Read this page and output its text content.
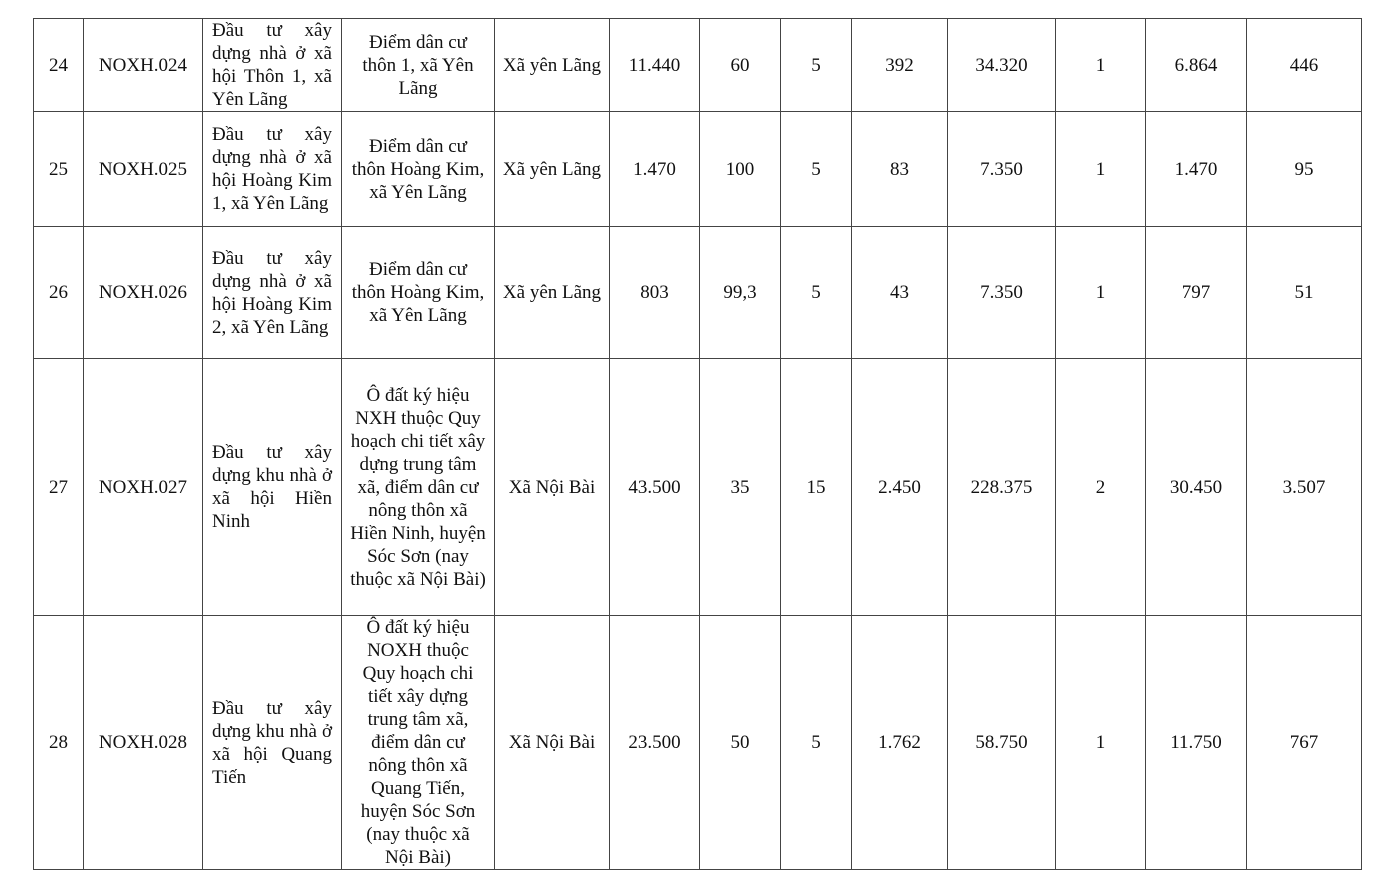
24	NOXH.024	Đầu tư xây dựng nhà ở xã hội Thôn 1, xã Yên Lãng	Điểm dân cư thôn 1, xã Yên Lãng	Xã yên Lãng	11.440	60	5	392	34.320	1	6.864	446
25	NOXH.025	Đầu tư xây dựng nhà ở xã hội Hoàng Kim 1, xã Yên Lãng	Điểm dân cư thôn Hoàng Kim, xã Yên Lãng	Xã yên Lãng	1.470	100	5	83	7.350	1	1.470	95
26	NOXH.026	Đầu tư xây dựng nhà ở xã hội Hoàng Kim 2, xã Yên Lãng	Điểm dân cư thôn Hoàng Kim, xã Yên Lãng	Xã yên Lãng	803	99,3	5	43	7.350	1	797	51
27	NOXH.027	Đầu tư xây dựng khu nhà ở xã hội Hiền Ninh	Ô đất ký hiệu NXH thuộc Quy hoạch chi tiết xây dựng trung tâm xã, điểm dân cư nông thôn xã Hiền Ninh, huyện Sóc Sơn (nay thuộc xã Nội Bài)	Xã Nội Bài	43.500	35	15	2.450	228.375	2	30.450	3.507
28	NOXH.028	Đầu tư xây dựng khu nhà ở xã hội Quang Tiến	Ô đất ký hiệu NOXH thuộc Quy hoạch chi tiết xây dựng trung tâm xã, điểm dân cư nông thôn xã Quang Tiến, huyện Sóc Sơn (nay thuộc xã Nội Bài)	Xã Nội Bài	23.500	50	5	1.762	58.750	1	11.750	767
